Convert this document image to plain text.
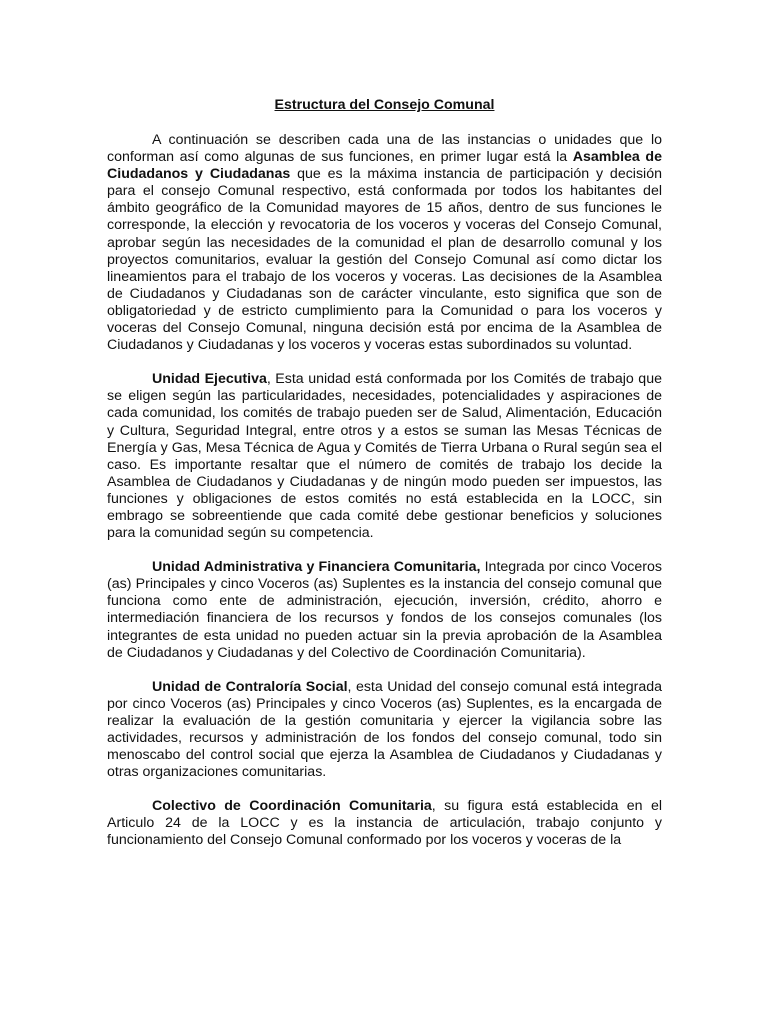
Estructura del Consejo Comunal

A continuación se describen cada una de las instancias o unidades que lo conforman así como algunas de sus funciones, en primer lugar está la Asamblea de Ciudadanos y Ciudadanas que es la máxima instancia de participación y decisión para el consejo Comunal respectivo, está conformada por todos los habitantes del ámbito geográfico de la Comunidad mayores de 15 años, dentro de sus funciones le corresponde, la elección y revocatoria de los voceros y voceras del Consejo Comunal, aprobar según las necesidades de la comunidad el plan de desarrollo comunal y los proyectos comunitarios, evaluar la gestión del Consejo Comunal así como dictar los lineamientos para el trabajo de los voceros y voceras. Las decisiones de la Asamblea de Ciudadanos y Ciudadanas son de carácter vinculante, esto significa que son de obligatoriedad y de estricto cumplimiento para la Comunidad o para los voceros y voceras del Consejo Comunal, ninguna decisión está por encima de la Asamblea de Ciudadanos y Ciudadanas y los voceros y voceras estas subordinados su voluntad.

Unidad Ejecutiva, Esta unidad está conformada por los Comités de trabajo que se eligen según las particularidades, necesidades, potencialidades y aspiraciones de cada comunidad, los comités de trabajo pueden ser de Salud, Alimentación, Educación y Cultura, Seguridad Integral, entre otros y a estos se suman las Mesas Técnicas de Energía y Gas, Mesa Técnica de Agua y Comités de Tierra Urbana o Rural según sea el caso. Es importante resaltar que el número de comités de trabajo los decide la Asamblea de Ciudadanos y Ciudadanas y de ningún modo pueden ser impuestos, las funciones y obligaciones de estos comités no está establecida en la LOCC, sin embrago se sobreentiende que cada comité debe gestionar beneficios y soluciones para la comunidad según su competencia.

Unidad Administrativa y Financiera Comunitaria, Integrada por cinco Voceros (as) Principales y cinco Voceros (as) Suplentes es la instancia del consejo comunal que funciona como ente de administración, ejecución, inversión, crédito, ahorro e intermediación financiera de los recursos y fondos de los consejos comunales (los integrantes de esta unidad no pueden actuar sin la previa aprobación de la Asamblea de Ciudadanos y Ciudadanas y del Colectivo de Coordinación Comunitaria).

Unidad de Contraloría Social, esta Unidad del consejo comunal está integrada por cinco Voceros (as) Principales y cinco Voceros (as) Suplentes, es la encargada de realizar la evaluación de la gestión comunitaria y ejercer la vigilancia sobre las actividades, recursos y administración de los fondos del consejo comunal, todo sin menoscabo del control social que ejerza la Asamblea de Ciudadanos y Ciudadanas y otras organizaciones comunitarias.

Colectivo de Coordinación Comunitaria, su figura está establecida en el Articulo 24 de la LOCC y es la instancia de articulación, trabajo conjunto y funcionamiento del Consejo Comunal conformado por los voceros y voceras de la
